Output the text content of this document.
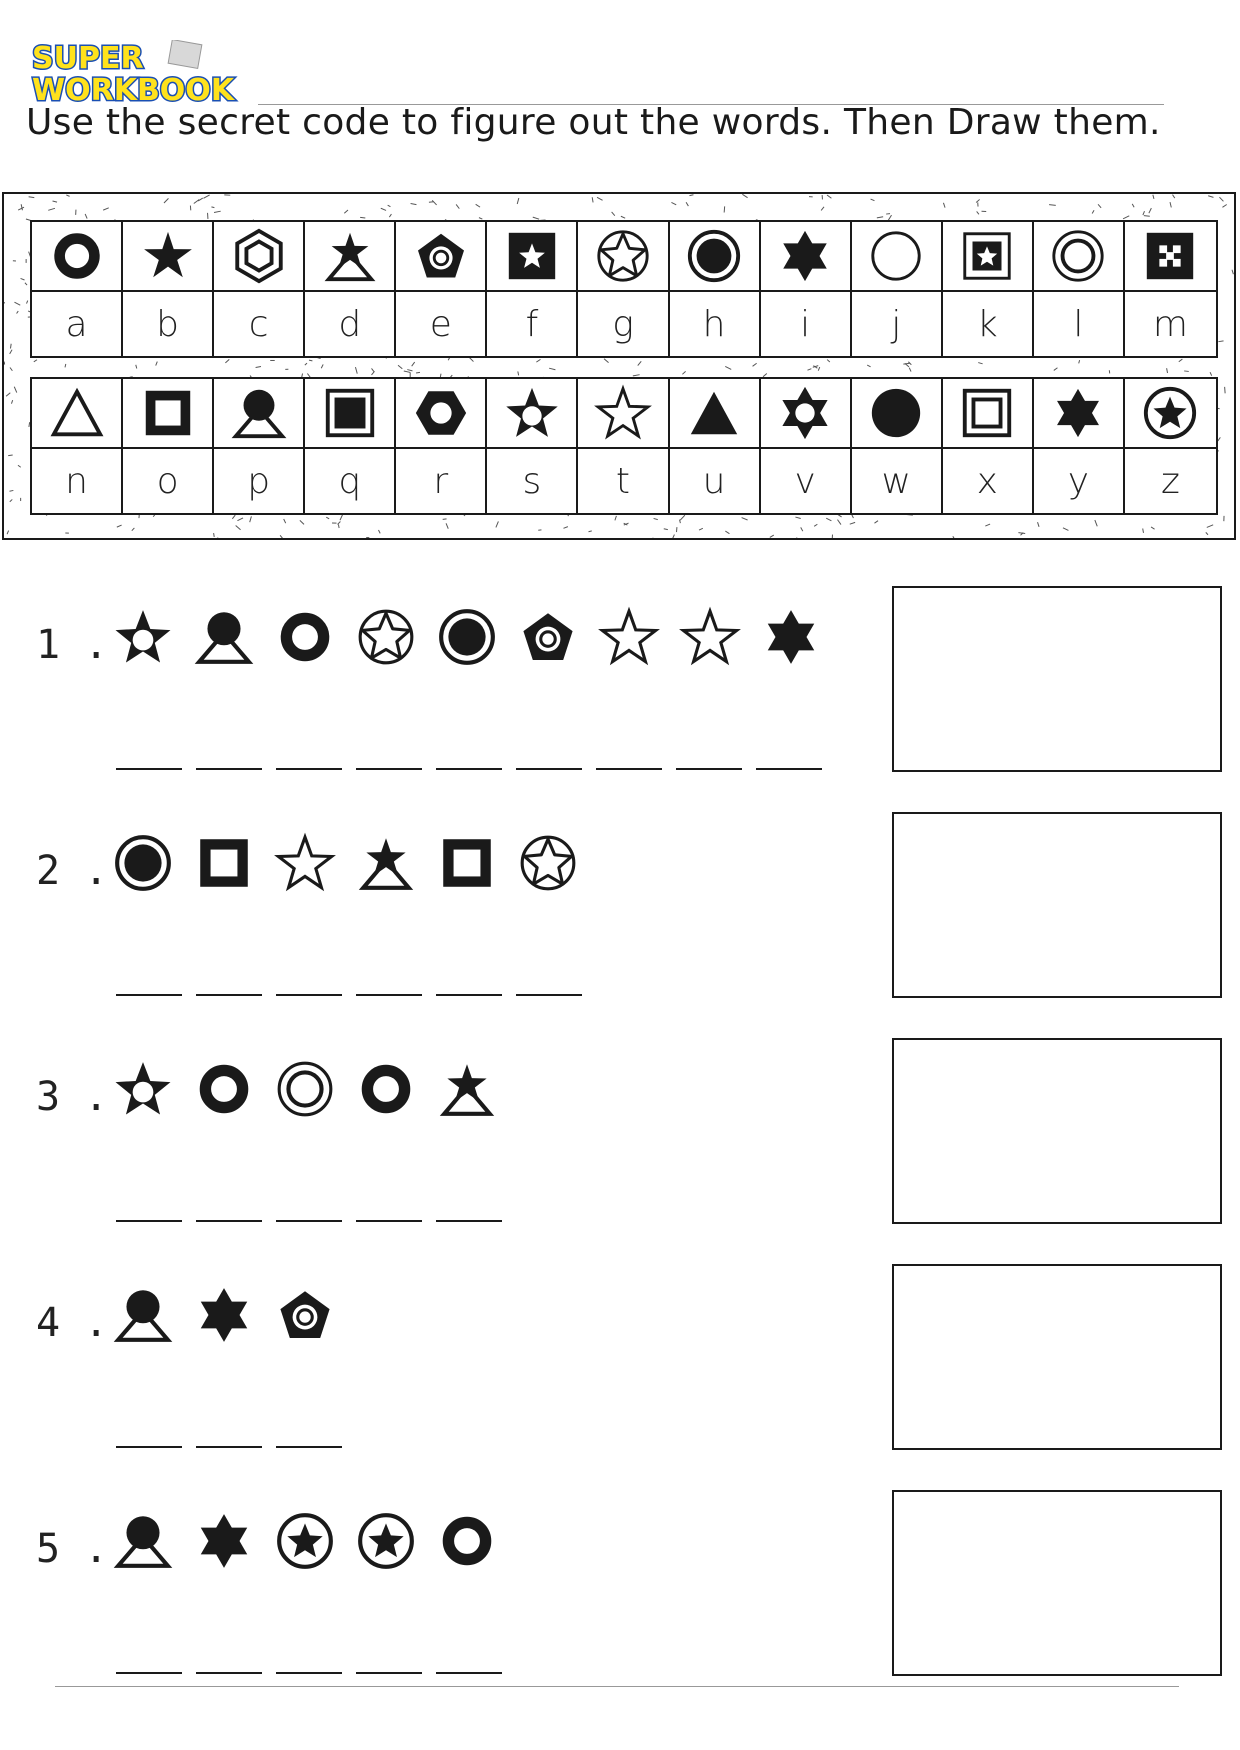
SUPER
WORKBOOK
Use the secret code to figure out the words. Then Draw them.
a b c d e f g h i j k l m
n o p q r s t u v w x y z
1 .
2 .
3 .
4 .
5 .
